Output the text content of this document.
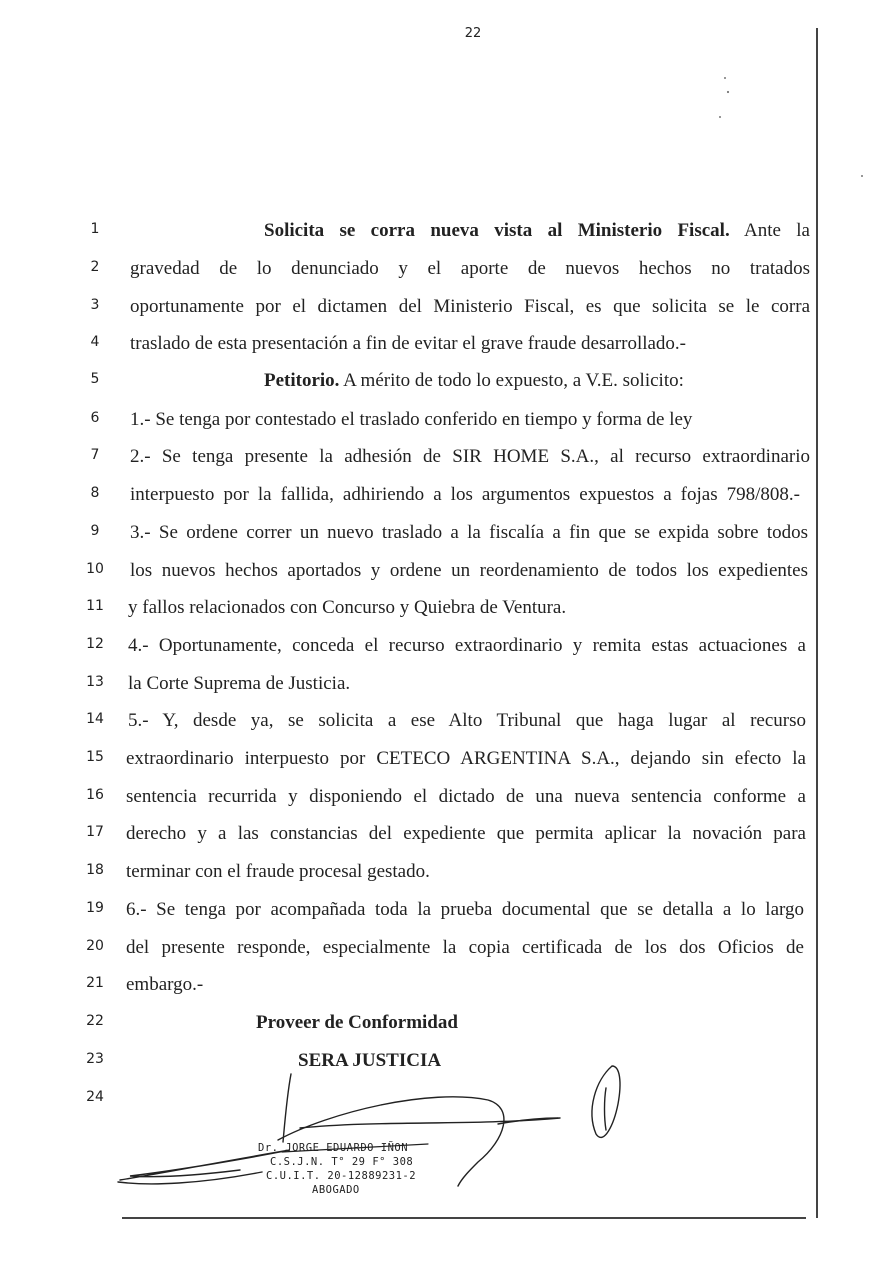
22
1
2
3
4
5
6
7
8
9
10
11
12
13
14
15
16
17
18
19
20
21
22
23
24
Solicita se corra nueva vista al Ministerio Fiscal. Ante la
gravedad de lo denunciado y el aporte de nuevos hechos no tratados
oportunamente por el dictamen del Ministerio Fiscal, es que solicita se le corra
traslado de esta presentación a fin de evitar el grave fraude desarrollado.-
Petitorio. A mérito de todo lo expuesto, a V.E. solicito:
1.- Se tenga por contestado el traslado conferido en tiempo y forma de ley
2.- Se tenga presente la adhesión de SIR HOME S.A., al recurso extraordinario
interpuesto por la fallida, adhiriendo a los argumentos expuestos a fojas 798/808.-
3.- Se ordene correr un nuevo traslado a la fiscalía a fin que se expida sobre todos
los nuevos hechos aportados y ordene un reordenamiento de todos los expedientes
y fallos relacionados con Concurso y Quiebra de Ventura.
4.- Oportunamente, conceda el recurso extraordinario y remita estas actuaciones a
la Corte Suprema de Justicia.
5.- Y, desde ya, se solicita a ese Alto Tribunal que haga lugar al recurso
extraordinario interpuesto por CETECO ARGENTINA S.A., dejando sin efecto la
sentencia recurrida y disponiendo el dictado de una nueva sentencia conforme a
derecho y a las constancias del expediente que permita aplicar la novación para
terminar con el fraude procesal gestado.
6.- Se tenga por acompañada toda la prueba documental que se detalla a lo largo
del presente responde, especialmente la copia certificada de los dos Oficios de
embargo.-
Proveer de Conformidad
SERA JUSTICIA
Dr. JORGE EDUARDO IÑON
C.S.J.N. T° 29 F° 308
C.U.I.T. 20-12889231-2
ABOGADO
